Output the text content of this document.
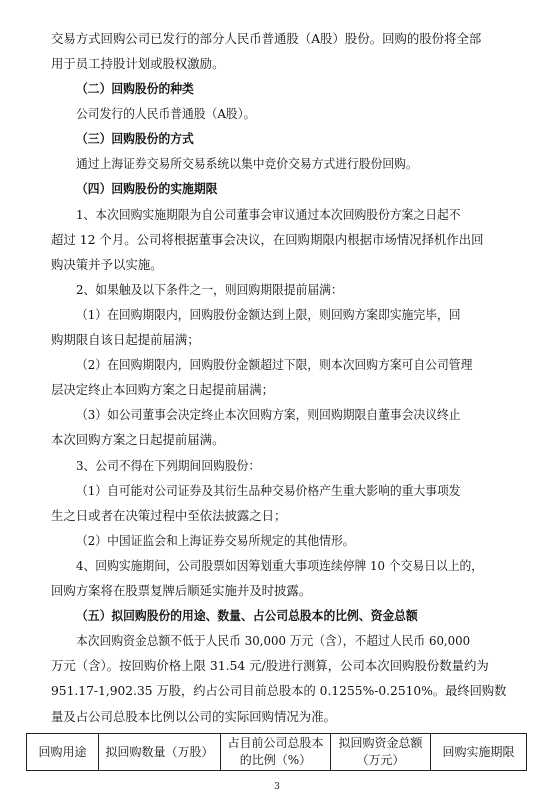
交易方式回购公司已发行的部分人民币普通股（A股）股份。回购的股份将全部
用于员工持股计划或股权激励。
（二）回购股份的种类
公司发行的人民币普通股（A股）。
（三）回购股份的方式
通过上海证券交易所交易系统以集中竞价交易方式进行股份回购。
（四）回购股份的实施期限
1、本次回购实施期限为自公司董事会审议通过本次回购股份方案之日起不
超过 12 个月。公司将根据董事会决议，在回购期限内根据市场情况择机作出回
购决策并予以实施。
2、如果触及以下条件之一，则回购期限提前届满：
（1）在回购期限内，回购股份金额达到上限，则回购方案即实施完毕，回
购期限自该日起提前届满；
（2）在回购期限内，回购股份金额超过下限，则本次回购方案可自公司管理
层决定终止本回购方案之日起提前届满；
（3）如公司董事会决定终止本次回购方案，则回购期限自董事会决议终止
本次回购方案之日起提前届满。
3、公司不得在下列期间回购股份：
（1）自可能对公司证券及其衍生品种交易价格产生重大影响的重大事项发
生之日或者在决策过程中至依法披露之日；
（2）中国证监会和上海证券交易所规定的其他情形。
4、回购实施期间，公司股票如因筹划重大事项连续停牌 10 个交易日以上的，
回购方案将在股票复牌后顺延实施并及时披露。
（五）拟回购股份的用途、数量、占公司总股本的比例、资金总额
本次回购资金总额不低于人民币 30,000 万元（含），不超过人民币 60,000
万元（含）。按回购价格上限 31.54 元/股进行测算，公司本次回购股份数量约为
951.17-1,902.35 万股，约占公司目前总股本的 0.1255%-0.2510%。最终回购数
量及占公司总股本比例以公司的实际回购情况为准。
回购用途	拟回购数量（万股）	占目前公司总股本的比例（%）	拟回购资金总额（万元）	回购实施期限
3
